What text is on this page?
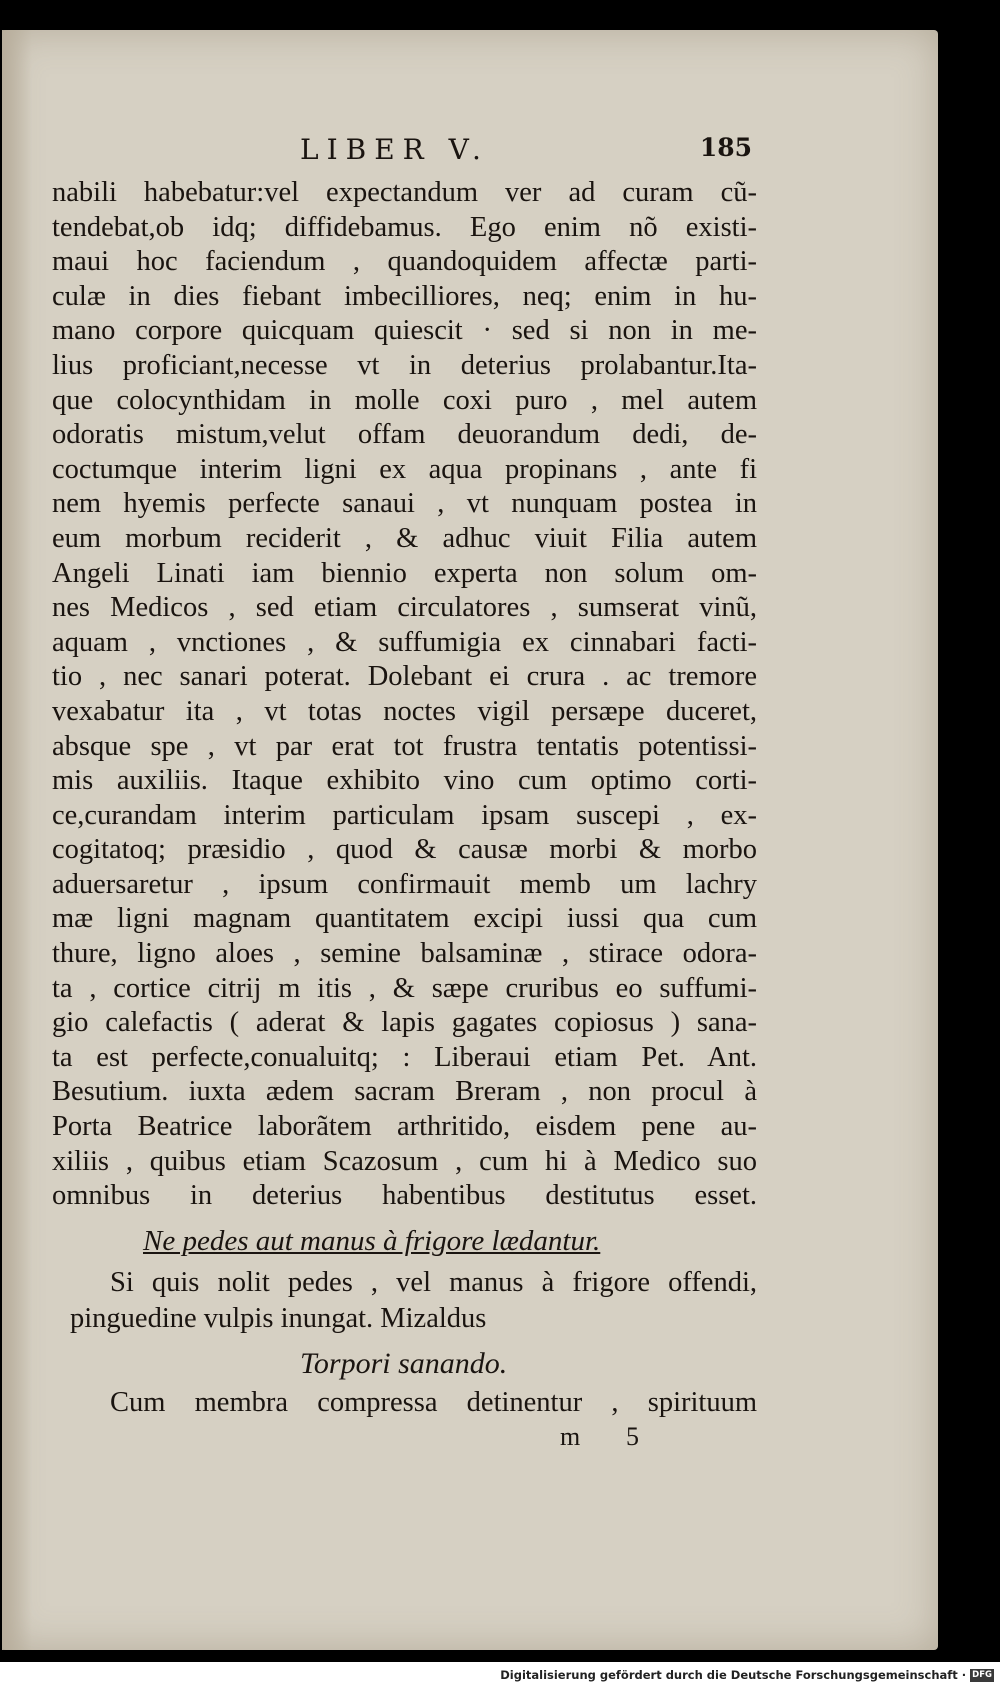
LIBER V.	185
nabili habebatur:vel expectandum ver ad curam cũ-
tendebat,ob idq; diffidebamus. Ego enim nõ existi-
maui hoc faciendum , quandoquidem affectæ parti-
culæ in dies fiebant imbecilliores, neq; enim in hu-
mano corpore quicquam quiescit · sed si non in me-
lius proficiant,necesse vt in deterius prolabantur.Ita-
que colocynthidam in molle coxi puro , mel autem
odoratis mistum,velut offam deuorandum dedi, de-
coctumque interim ligni ex aqua propinans , ante fi
nem hyemis perfecte sanaui , vt nunquam postea in
eum morbum reciderit , & adhuc viuit Filia autem
Angeli Linati iam biennio experta non solum om-
nes Medicos , sed etiam circulatores , sumserat vinũ,
aquam , vnctiones , & suffumigia ex cinnabari facti-
tio , nec sanari poterat. Dolebant ei crura . ac tremore
vexabatur ita , vt totas noctes vigil persæpe duceret,
absque spe , vt par erat tot frustra tentatis potentissi-
mis auxiliis. Itaque exhibito vino cum optimo corti-
ce,curandam interim particulam ipsam suscepi , ex-
cogitatoq; præsidio , quod & causæ morbi & morbo
aduersaretur , ipsum confirmauit memb um lachry
mæ ligni magnam quantitatem excipi iussi qua cum
thure, ligno aloes , semine balsaminæ , stirace odora-
ta , cortice citrij m itis , & sæpe cruribus eo suffumi-
gio calefactis ( aderat & lapis gagates copiosus ) sana-
ta est perfecte,conualuitq; : Liberaui etiam Pet. Ant.
Besutium. iuxta ædem sacram Breram , non procul à
Porta Beatrice laborãtem arthritido, eisdem pene au-
xiliis , quibus etiam Scazosum , cum hi à Medico suo
omnibus in deterius habentibus destitutus esset.
Ne pedes aut manus à frigore lædantur.
Si quis nolit pedes , vel manus à frigore offendi,
pinguedine vulpis inungat. Mizaldus
Torpori sanando.
Cum membra compressa detinentur , spirituum
m 5
Digitalisierung gefördert durch die Deutsche Forschungsgemeinschaft · DFG
